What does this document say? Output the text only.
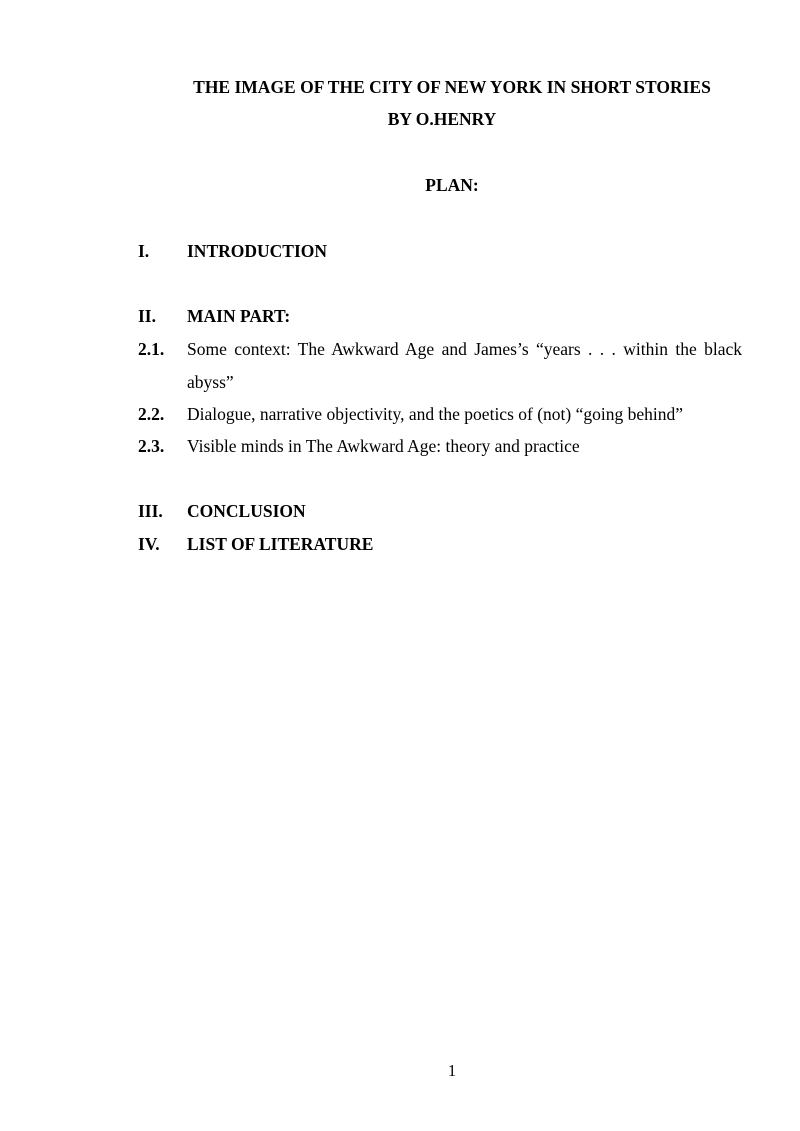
THE IMAGE OF THE CITY OF NEW YORK IN SHORT STORIES
BY O.HENRY
PLAN:
I. INTRODUCTION
II. MAIN PART:
2.1. Some context: The Awkward Age and James’s “years . . . within the black abyss”
2.2. Dialogue, narrative objectivity, and the poetics of (not) “going behind”
2.3. Visible minds in The Awkward Age: theory and practice
III. CONCLUSION
IV. LIST OF LITERATURE
1
